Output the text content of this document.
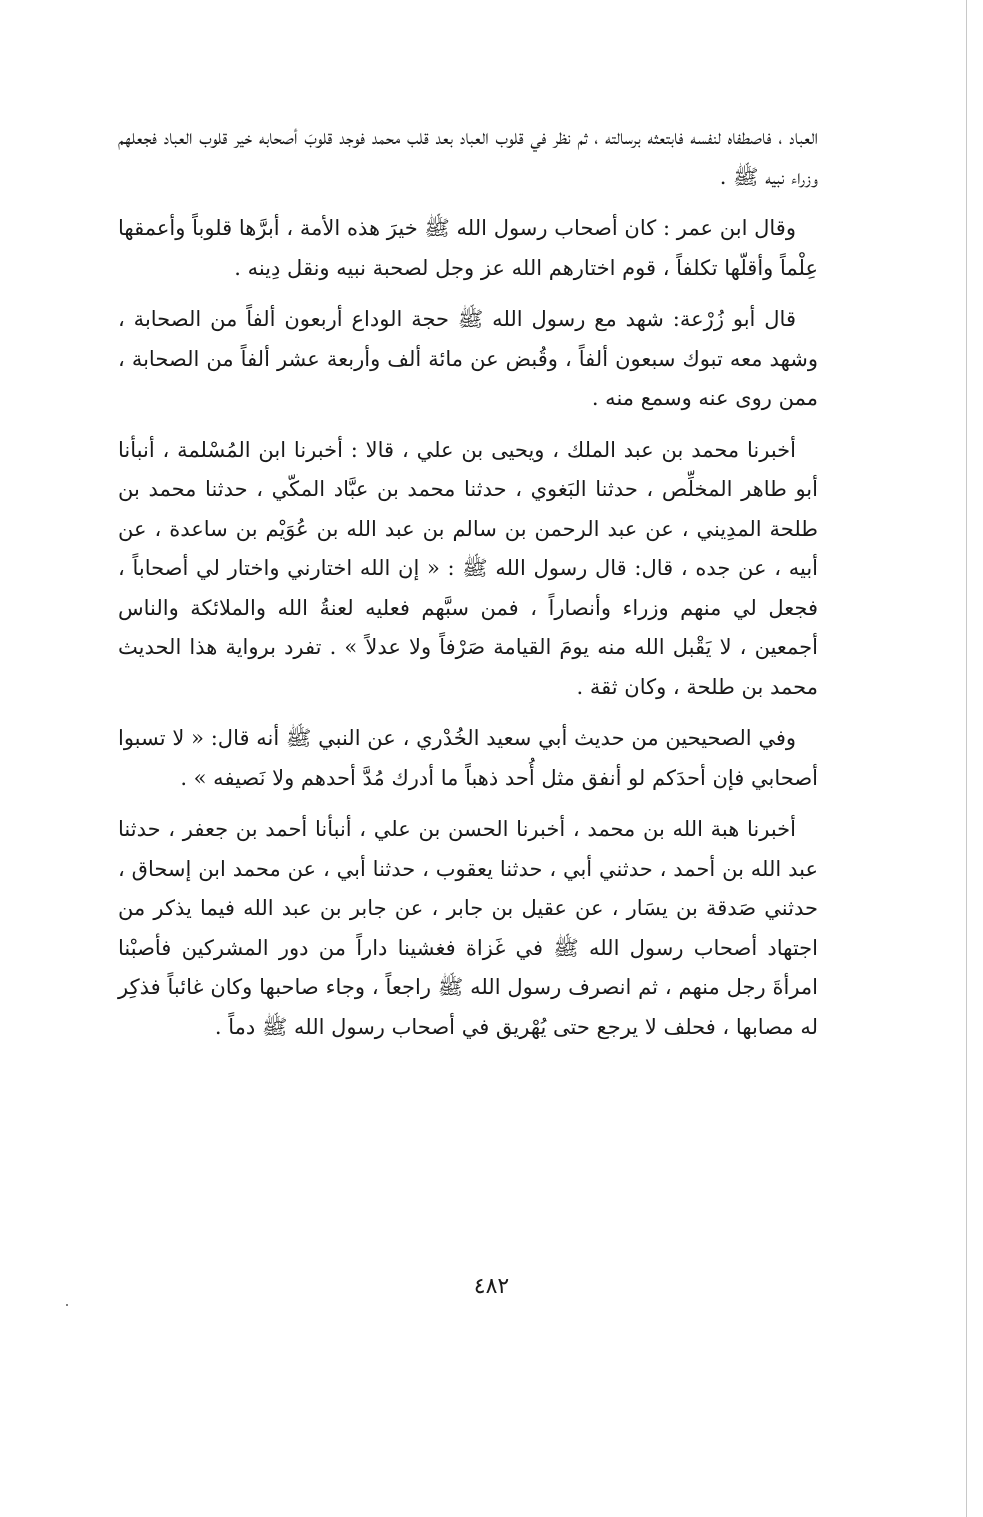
العباد ، فاصطفاه لنفسه فابتعثه برسالته ، ثم نظر في قلوب العباد بعد قلب محمد فوجد قلوبَ أصحابه خير قلوب العباد فجعلهم وزراء نبيه ﷺ .

وقال ابن عمر : كان أصحاب رسول الله ﷺ خيرَ هذه الأمة ، أبرَّها قلوباً وأعمقها عِلْماً وأقلّها تكلفاً ، قوم اختارهم الله عز وجل لصحبة نبيه ونقل دِينه .

قال أبو زُرْعة: شهد مع رسول الله ﷺ حجة الوداع أربعون ألفاً من الصحابة ، وشهد معه تبوك سبعون ألفاً ، وقُبض عن مائة ألف وأربعة عشر ألفاً من الصحابة ، ممن روى عنه وسمع منه .

أخبرنا محمد بن عبد الملك ، ويحيى بن علي ، قالا : أخبرنا ابن المُسْلمة ، أنبأنا أبو طاهر المخلِّص ، حدثنا البَغوي ، حدثنا محمد بن عبَّاد المكّي ، حدثنا محمد بن طلحة المدِيني ، عن عبد الرحمن بن سالم بن عبد الله بن عُوَيْم بن ساعدة ، عن أبيه ، عن جده ، قال: قال رسول الله ﷺ : « إن الله اختارني واختار لي أصحاباً ، فجعل لي منهم وزراء وأنصاراً ، فمن سبَّهم فعليه لعنةُ الله والملائكة والناس أجمعين ، لا يَقْبل الله منه يومَ القيامة صَرْفاً ولا عدلاً » . تفرد برواية هذا الحديث محمد بن طلحة ، وكان ثقة .

وفي الصحيحين من حديث أبي سعيد الخُدْري ، عن النبي ﷺ أنه قال: « لا تسبوا أصحابي فإن أحدَكم لو أنفق مثل أُحد ذهباً ما أدرك مُدَّ أحدهم ولا نَصيفه » .

أخبرنا هبة الله بن محمد ، أخبرنا الحسن بن علي ، أنبأنا أحمد بن جعفر ، حدثنا عبد الله بن أحمد ، حدثني أبي ، حدثنا يعقوب ، حدثنا أبي ، عن محمد ابن إسحاق ، حدثني صَدقة بن يسَار ، عن عقيل بن جابر ، عن جابر بن عبد الله فيما يذكر من اجتهاد أصحاب رسول الله ﷺ في غَزاة فغشينا داراً من دور المشركين فأصبْنا امرأةَ رجل منهم ، ثم انصرف رسول الله ﷺ راجعاً ، وجاء صاحبها وكان غائباً فذكِر له مصابها ، فحلف لا يرجع حتى يُهْريق في أصحاب رسول الله ﷺ دماً .

٤٨٢
